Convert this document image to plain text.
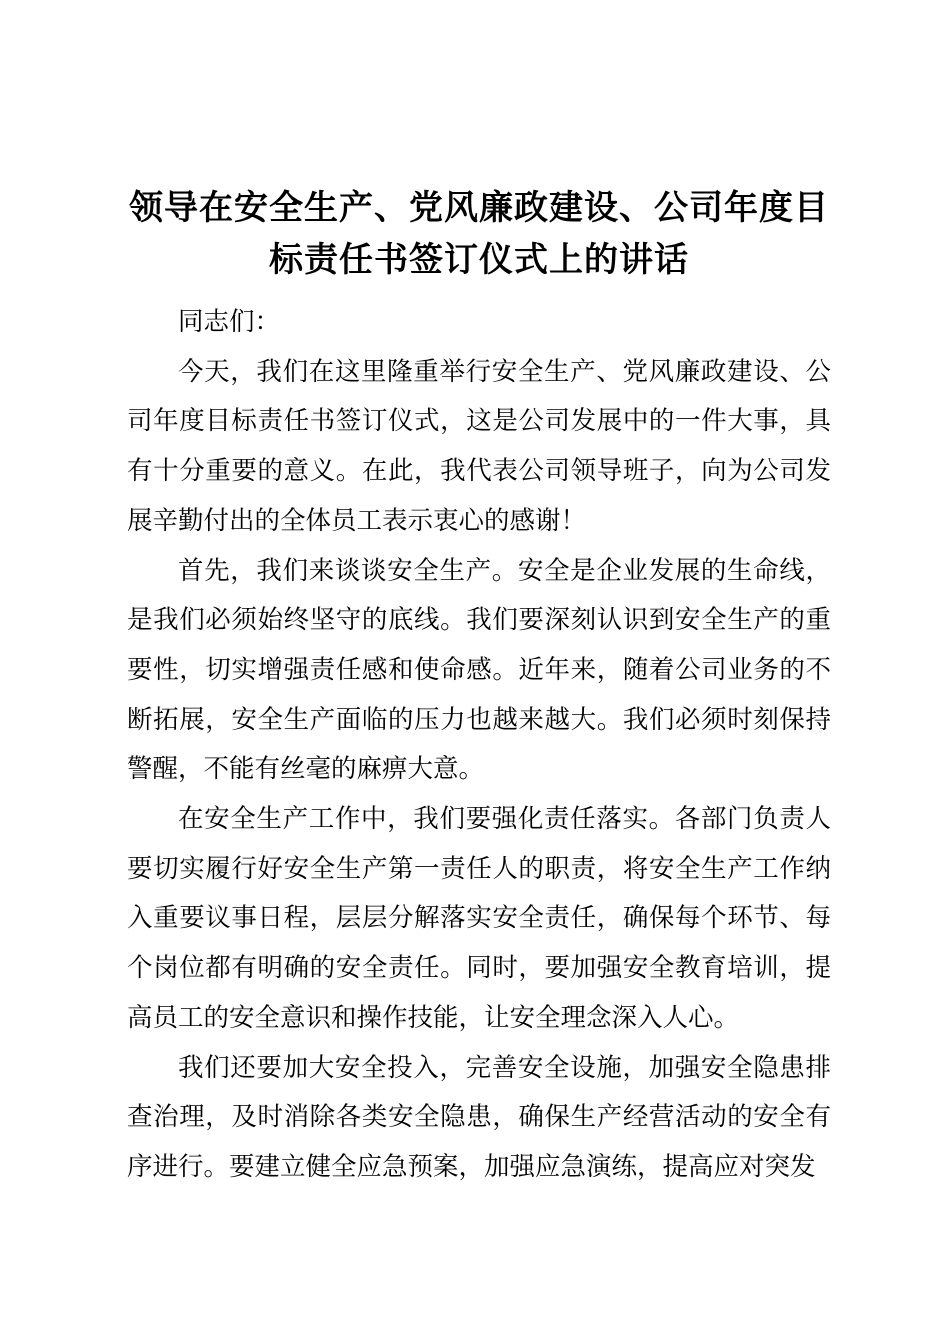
领导在安全生产、党风廉政建设、公司年度目
标责任书签订仪式上的讲话

同志们：

今天，我们在这里隆重举行安全生产、党风廉政建设、公司年度目标责任书签订仪式，这是公司发展中的一件大事，具有十分重要的意义。在此，我代表公司领导班子，向为公司发展辛勤付出的全体员工表示衷心的感谢！

首先，我们来谈谈安全生产。安全是企业发展的生命线，是我们必须始终坚守的底线。我们要深刻认识到安全生产的重要性，切实增强责任感和使命感。近年来，随着公司业务的不断拓展，安全生产面临的压力也越来越大。我们必须时刻保持警醒，不能有丝毫的麻痹大意。

在安全生产工作中，我们要强化责任落实。各部门负责人要切实履行好安全生产第一责任人的职责，将安全生产工作纳入重要议事日程，层层分解落实安全责任，确保每个环节、每个岗位都有明确的安全责任。同时，要加强安全教育培训，提高员工的安全意识和操作技能，让安全理念深入人心。

我们还要加大安全投入，完善安全设施，加强安全隐患排查治理，及时消除各类安全隐患，确保生产经营活动的安全有序进行。要建立健全应急预案，加强应急演练，提高应对突发
